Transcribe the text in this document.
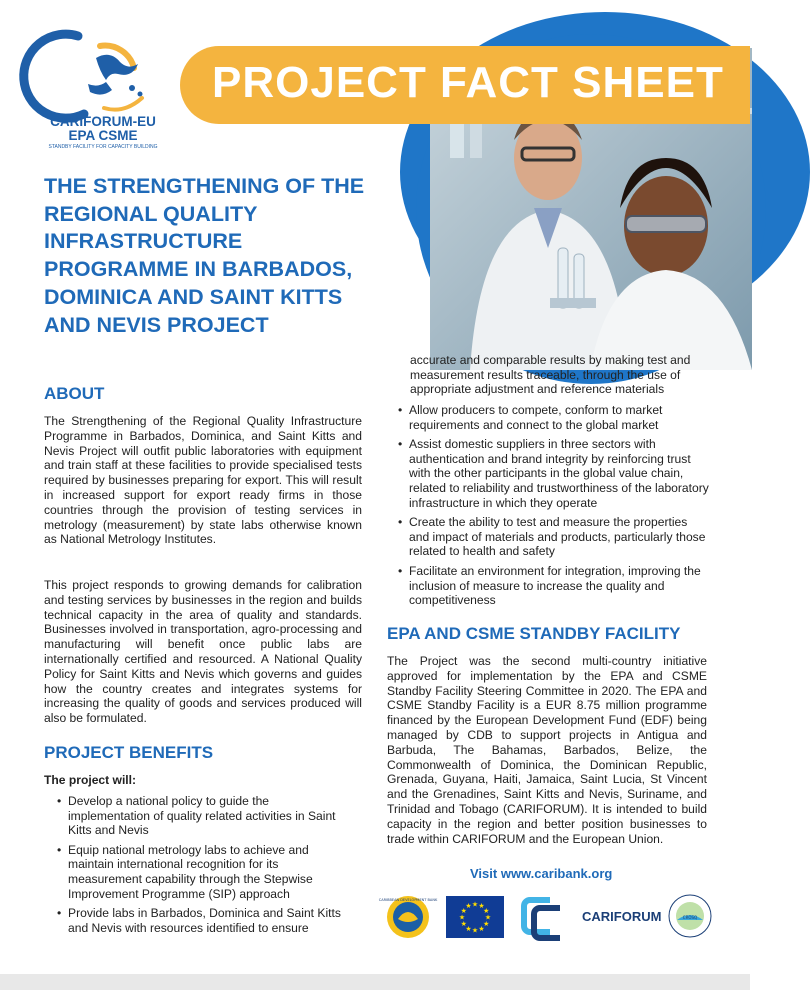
PROJECT FACT SHEET
CARIFORUM-EU
EPA CSME
STANDBY FACILITY FOR CAPACITY BUILDING
THE STRENGTHENING OF THE REGIONAL QUALITY INFRASTRUCTURE PROGRAMME IN BARBADOS, DOMINICA AND SAINT KITTS AND NEVIS PROJECT
ABOUT

The Strengthening of the Regional Quality Infrastructure Programme in Barbados, Dominica, and Saint Kitts and Nevis Project will outfit public laboratories with equipment and train staff at these facilities to provide specialised tests required by businesses preparing for export. This will result in increased support for export ready firms in those countries through the provision of testing services in metrology (measurement) by state labs otherwise known as National Metrology Institutes.

This project responds to growing demands for calibration and testing services by businesses in the region and builds technical capacity in the area of quality and standards. Businesses involved in transportation, agro-processing and manufacturing will benefit once public labs are internationally certified and resourced. A National Quality Policy for Saint Kitts and Nevis which governs and guides how the country creates and integrates systems for increasing the quality of goods and services produced will also be formulated.

PROJECT BENEFITS
The project will:
• Develop a national policy to guide the implementation of quality related activities in Saint Kitts and Nevis
• Equip national metrology labs to achieve and maintain international recognition for its measurement capability through the Stepwise Improvement Programme (SIP) approach
• Provide labs in Barbados, Dominica and Saint Kitts and Nevis with resources identified to ensure
accurate and comparable results by making test and measurement results traceable, through the use of appropriate adjustment and reference materials
• Allow producers to compete, conform to market requirements and connect to the global market
• Assist domestic suppliers in three sectors with authentication and brand integrity by reinforcing trust with the other participants in the global value chain, related to reliability and trustworthiness of the laboratory infrastructure in which they operate
• Create the ability to test and measure the properties and impact of materials and products, particularly those related to health and safety
• Facilitate an environment for integration, improving the inclusion of measure to increase the quality and competitiveness
EPA AND CSME STANDBY FACILITY

The Project was the second multi-country initiative approved for implementation by the EPA and CSME Standby Facility Steering Committee in 2020. The EPA and CSME Standby Facility is a EUR 8.75 million programme financed by the European Development Fund (EDF) being managed by CDB to support projects in Antigua and Barbuda, The Bahamas, Barbados, Belize, the Commonwealth of Dominica, the Dominican Republic, Grenada, Guyana, Haiti, Jamaica, Saint Lucia, St Vincent and the Grenadines, Saint Kitts and Nevis, Suriname, and Trinidad and Tobago (CARIFORUM). It is intended to build capacity in the region and better position businesses to trade within CARIFORUM and the European Union.

Visit www.caribank.org
CARIBBEAN DEVELOPMENT BANK
★
★
★
★
★
★
★
★
★ ★ ★
★	CARIFORUM	CROSQ
